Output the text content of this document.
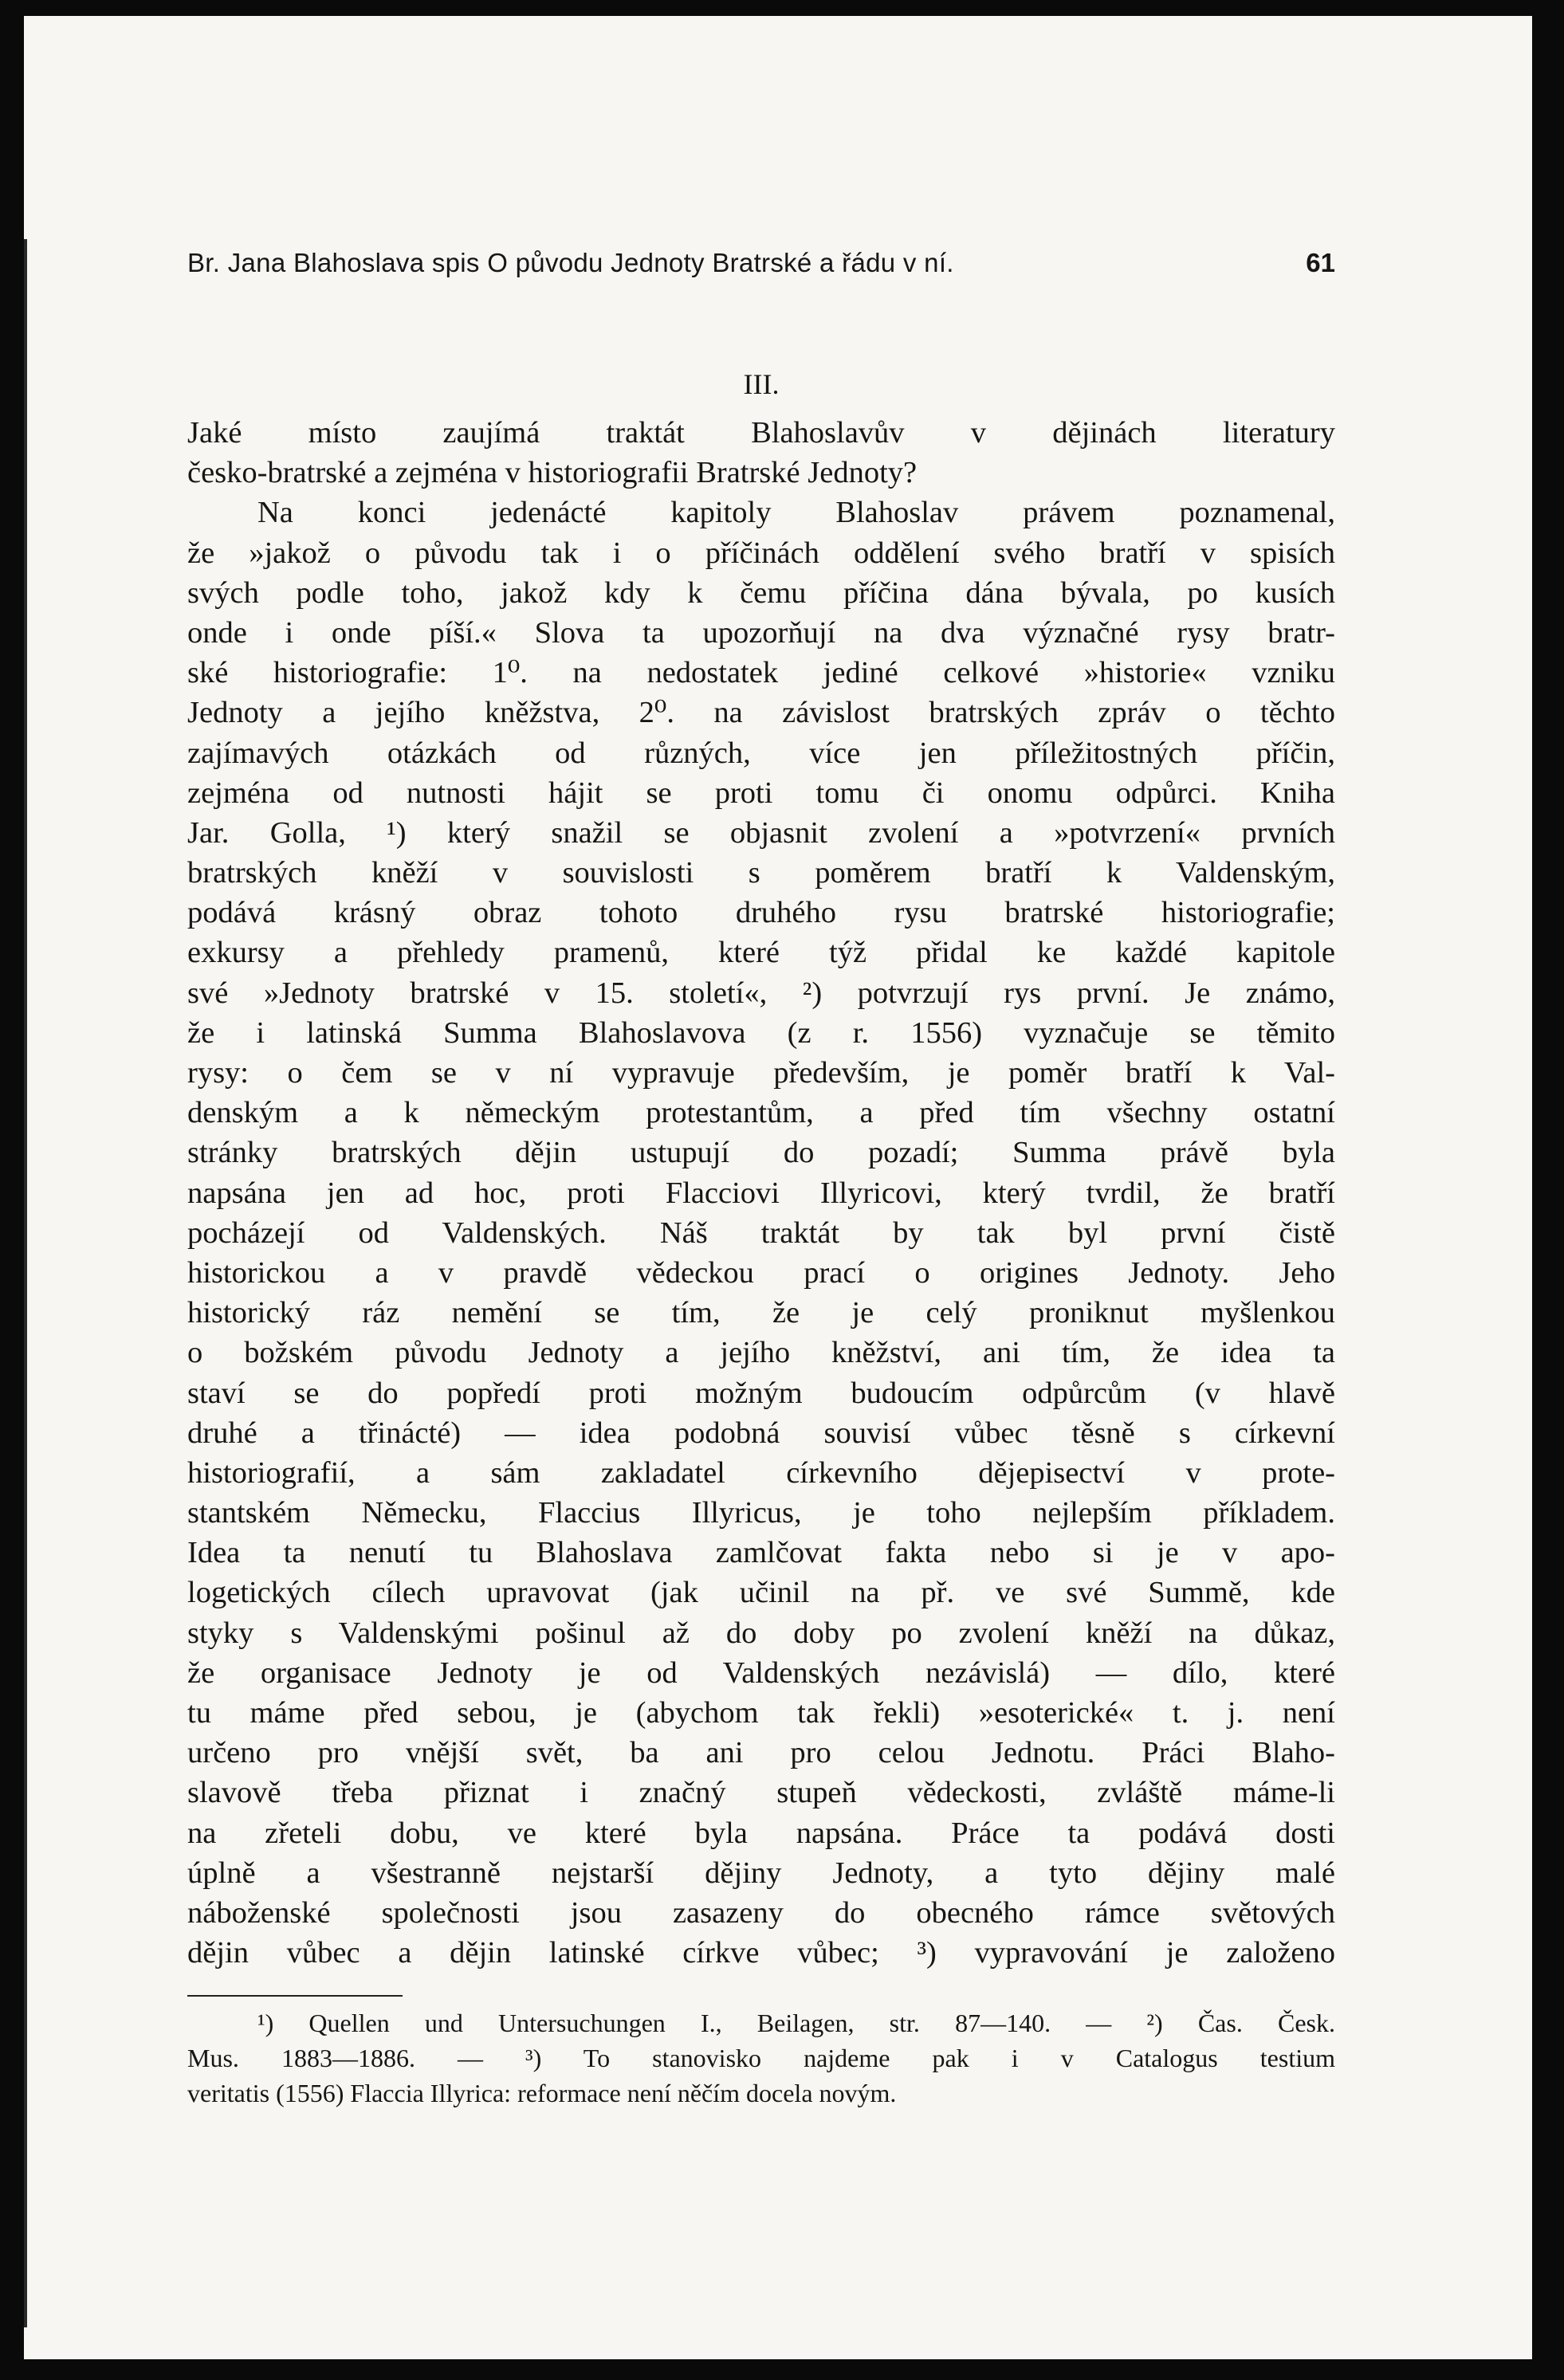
Br. Jana Blahoslava spis O původu Jednoty Bratrské a řádu v ní.	61
III.
Jaké místo zaujímá traktát Blahoslavův v dějinách literatury
česko-bratrské a zejména v historiografii Bratrské Jednoty?
Na konci jedenácté kapitoly Blahoslav právem poznamenal,
že »jakož o původu tak i o příčinách oddělení svého bratří v spisích
svých podle toho, jakož kdy k čemu příčina dána bývala, po kusích
onde i onde píší.« Slova ta upozorňují na dva význačné rysy bratr-
ské historiografie: 1⁰. na nedostatek jediné celkové »historie« vzniku
Jednoty a jejího kněžstva, 2⁰. na závislost bratrských zpráv o těchto
zajímavých otázkách od různých, více jen příležitostných příčin,
zejména od nutnosti hájit se proti tomu či onomu odpůrci. Kniha
Jar. Golla, ¹) který snažil se objasnit zvolení a »potvrzení« prvních
bratrských kněží v souvislosti s poměrem bratří k Valdenským,
podává krásný obraz tohoto druhého rysu bratrské historiografie;
exkursy a přehledy pramenů, které týž přidal ke každé kapitole
své »Jednoty bratrské v 15. století«, ²) potvrzují rys první. Je známo,
že i latinská Summa Blahoslavova (z r. 1556) vyznačuje se těmito
rysy: o čem se v ní vypravuje především, je poměr bratří k Val-
denským a k německým protestantům, a před tím všechny ostatní
stránky bratrských dějin ustupují do pozadí; Summa právě byla
napsána jen ad hoc, proti Flacciovi Illyricovi, který tvrdil, že bratří
pocházejí od Valdenských. Náš traktát by tak byl první čistě
historickou a v pravdě vědeckou prací o origines Jednoty. Jeho
historický ráz nemění se tím, že je celý proniknut myšlenkou
o božském původu Jednoty a jejího kněžství, ani tím, že idea ta
staví se do popředí proti možným budoucím odpůrcům (v hlavě
druhé a třinácté) — idea podobná souvisí vůbec těsně s církevní
historiografií, a sám zakladatel církevního dějepisectví v prote-
stantském Německu, Flaccius Illyricus, je toho nejlepším příkladem.
Idea ta nenutí tu Blahoslava zamlčovat fakta nebo si je v apo-
logetických cílech upravovat (jak učinil na př. ve své Summě, kde
styky s Valdenskými pošinul až do doby po zvolení kněží na důkaz,
že organisace Jednoty je od Valdenských nezávislá) — dílo, které
tu máme před sebou, je (abychom tak řekli) »esoterické« t. j. není
určeno pro vnější svět, ba ani pro celou Jednotu. Práci Blaho-
slavově třeba přiznat i značný stupeň vědeckosti, zvláště máme-li
na zřeteli dobu, ve které byla napsána. Práce ta podává dosti
úplně a všestranně nejstarší dějiny Jednoty, a tyto dějiny malé
náboženské společnosti jsou zasazeny do obecného rámce světových
dějin vůbec a dějin latinské církve vůbec; ³) vypravování je založeno
¹) Quellen und Untersuchungen I., Beilagen, str. 87—140. — ²) Čas. Česk.
Mus. 1883—1886. — ³) To stanovisko najdeme pak i v Catalogus testium
veritatis (1556) Flaccia Illyrica: reformace není něčím docela novým.
